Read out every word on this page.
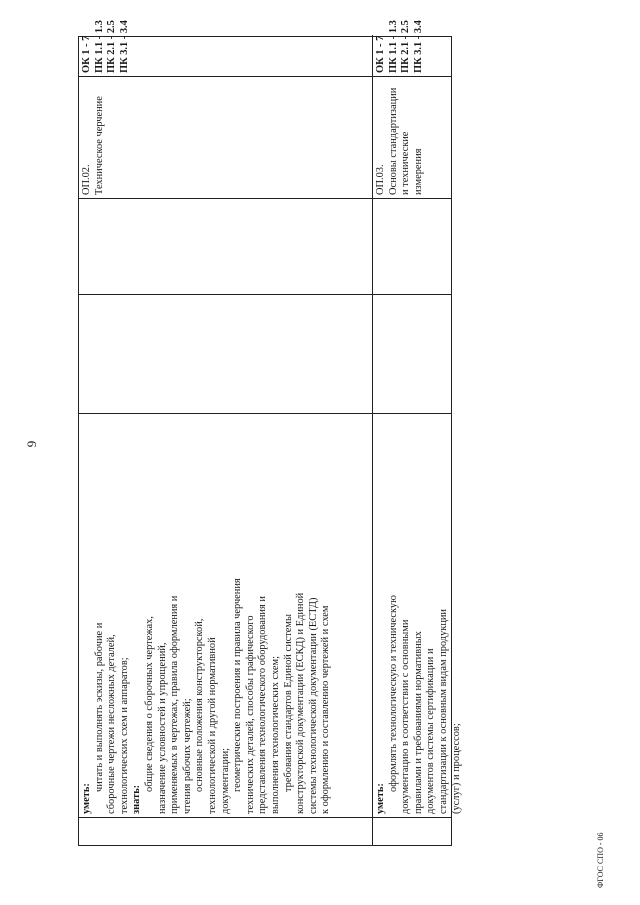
9
уметь:
читать и выполнять эскизы, рабочие и сборочные чертежи несложных деталей, технологических схем и аппаратов; знать:
общие сведения о сборочных чертежах, назначение условностей и упрощений, применяемых в чертежах, правила оформления и чтения рабочих чертежей; основные положения конструкторской, технологической и другой нормативной документации; геометрические построения и правила черчения технических деталей, способы графического представления технологического оборудования и выполнения технологических схем; требования стандартов Единой системы конструкторской документации (ЕСКД) и Единой системы технологической документации (ЕСТД) к оформлению и составлению чертежей и схем
ОП.02. Техническое черчение
ОК 1 - 7 ПК 1.1 - 1.3 ПК 2.1 - 2.5 ПК 3.1 - 3.4
уметь:
оформлять технологическую и техническую документацию в соответствии с основными правилами и требованиями нормативных документов системы сертификации и стандартизации к основным видам продукции (услуг) и процессов;
ОП.03. Основы стандартизации и технические измерения
ОК 1 - 7 ПК 1.1 - 1.3 ПК 2.1 - 2.5 ПК 3.1 - 3.4
ФГОС СПО - 06
